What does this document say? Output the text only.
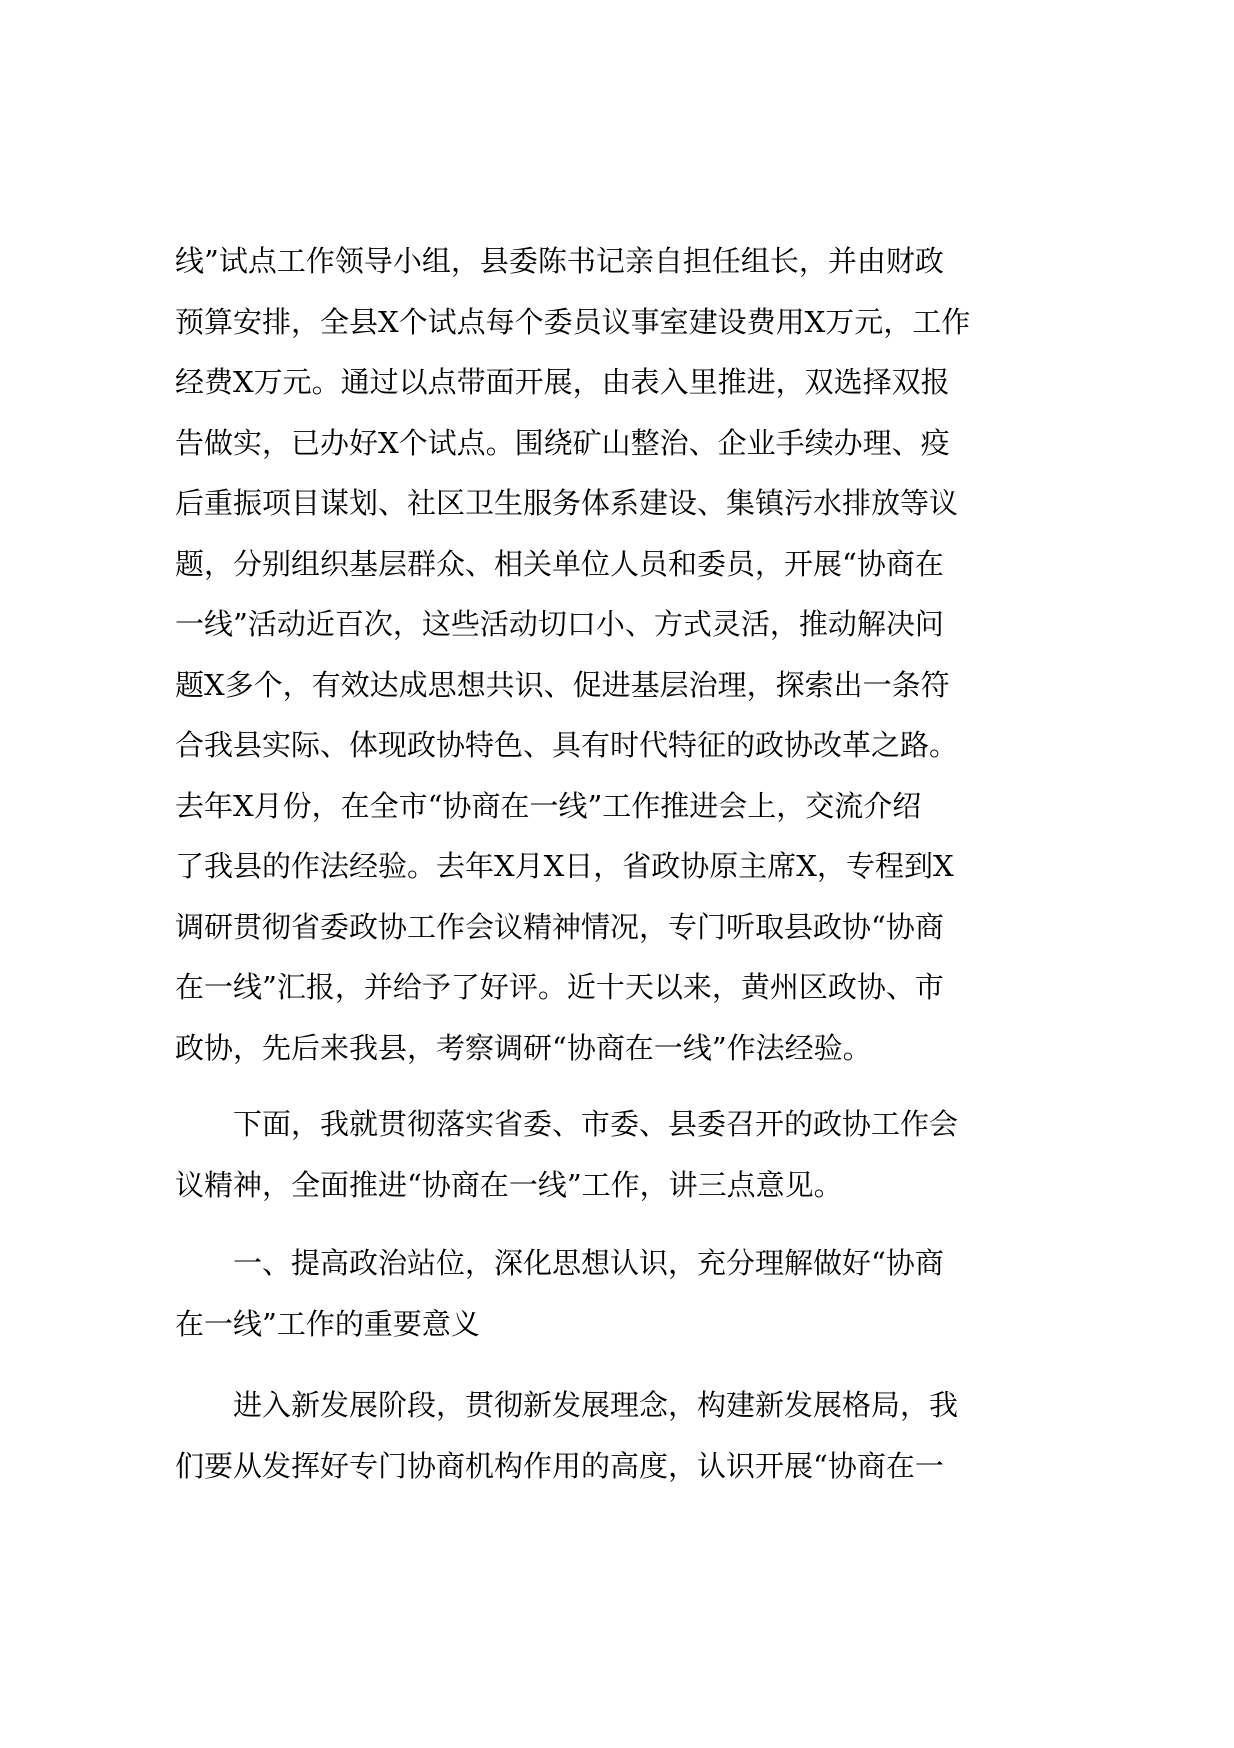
线”试点工作领导小组，县委陈书记亲自担任组长，并由财政
预算安排，全县X个试点每个委员议事室建设费用X万元，工作
经费X万元。通过以点带面开展，由表入里推进，双选择双报
告做实，已办好X个试点。围绕矿山整治、企业手续办理、疫
后重振项目谋划、社区卫生服务体系建设、集镇污水排放等议
题，分别组织基层群众、相关单位人员和委员，开展“协商在
一线”活动近百次，这些活动切口小、方式灵活，推动解决问
题X多个，有效达成思想共识、促进基层治理，探索出一条符
合我县实际、体现政协特色、具有时代特征的政协改革之路。
去年X月份，在全市“协商在一线”工作推进会上，交流介绍
了我县的作法经验。去年X月X日，省政协原主席X，专程到X
调研贯彻省委政协工作会议精神情况，专门听取县政协“协商
在一线”汇报，并给予了好评。近十天以来，黄州区政协、市
政协，先后来我县，考察调研“协商在一线”作法经验。

下面，我就贯彻落实省委、市委、县委召开的政协工作会
议精神，全面推进“协商在一线”工作，讲三点意见。

一、提高政治站位，深化思想认识，充分理解做好“协商
在一线”工作的重要意义

进入新发展阶段，贯彻新发展理念，构建新发展格局，我
们要从发挥好专门协商机构作用的高度，认识开展“协商在一
